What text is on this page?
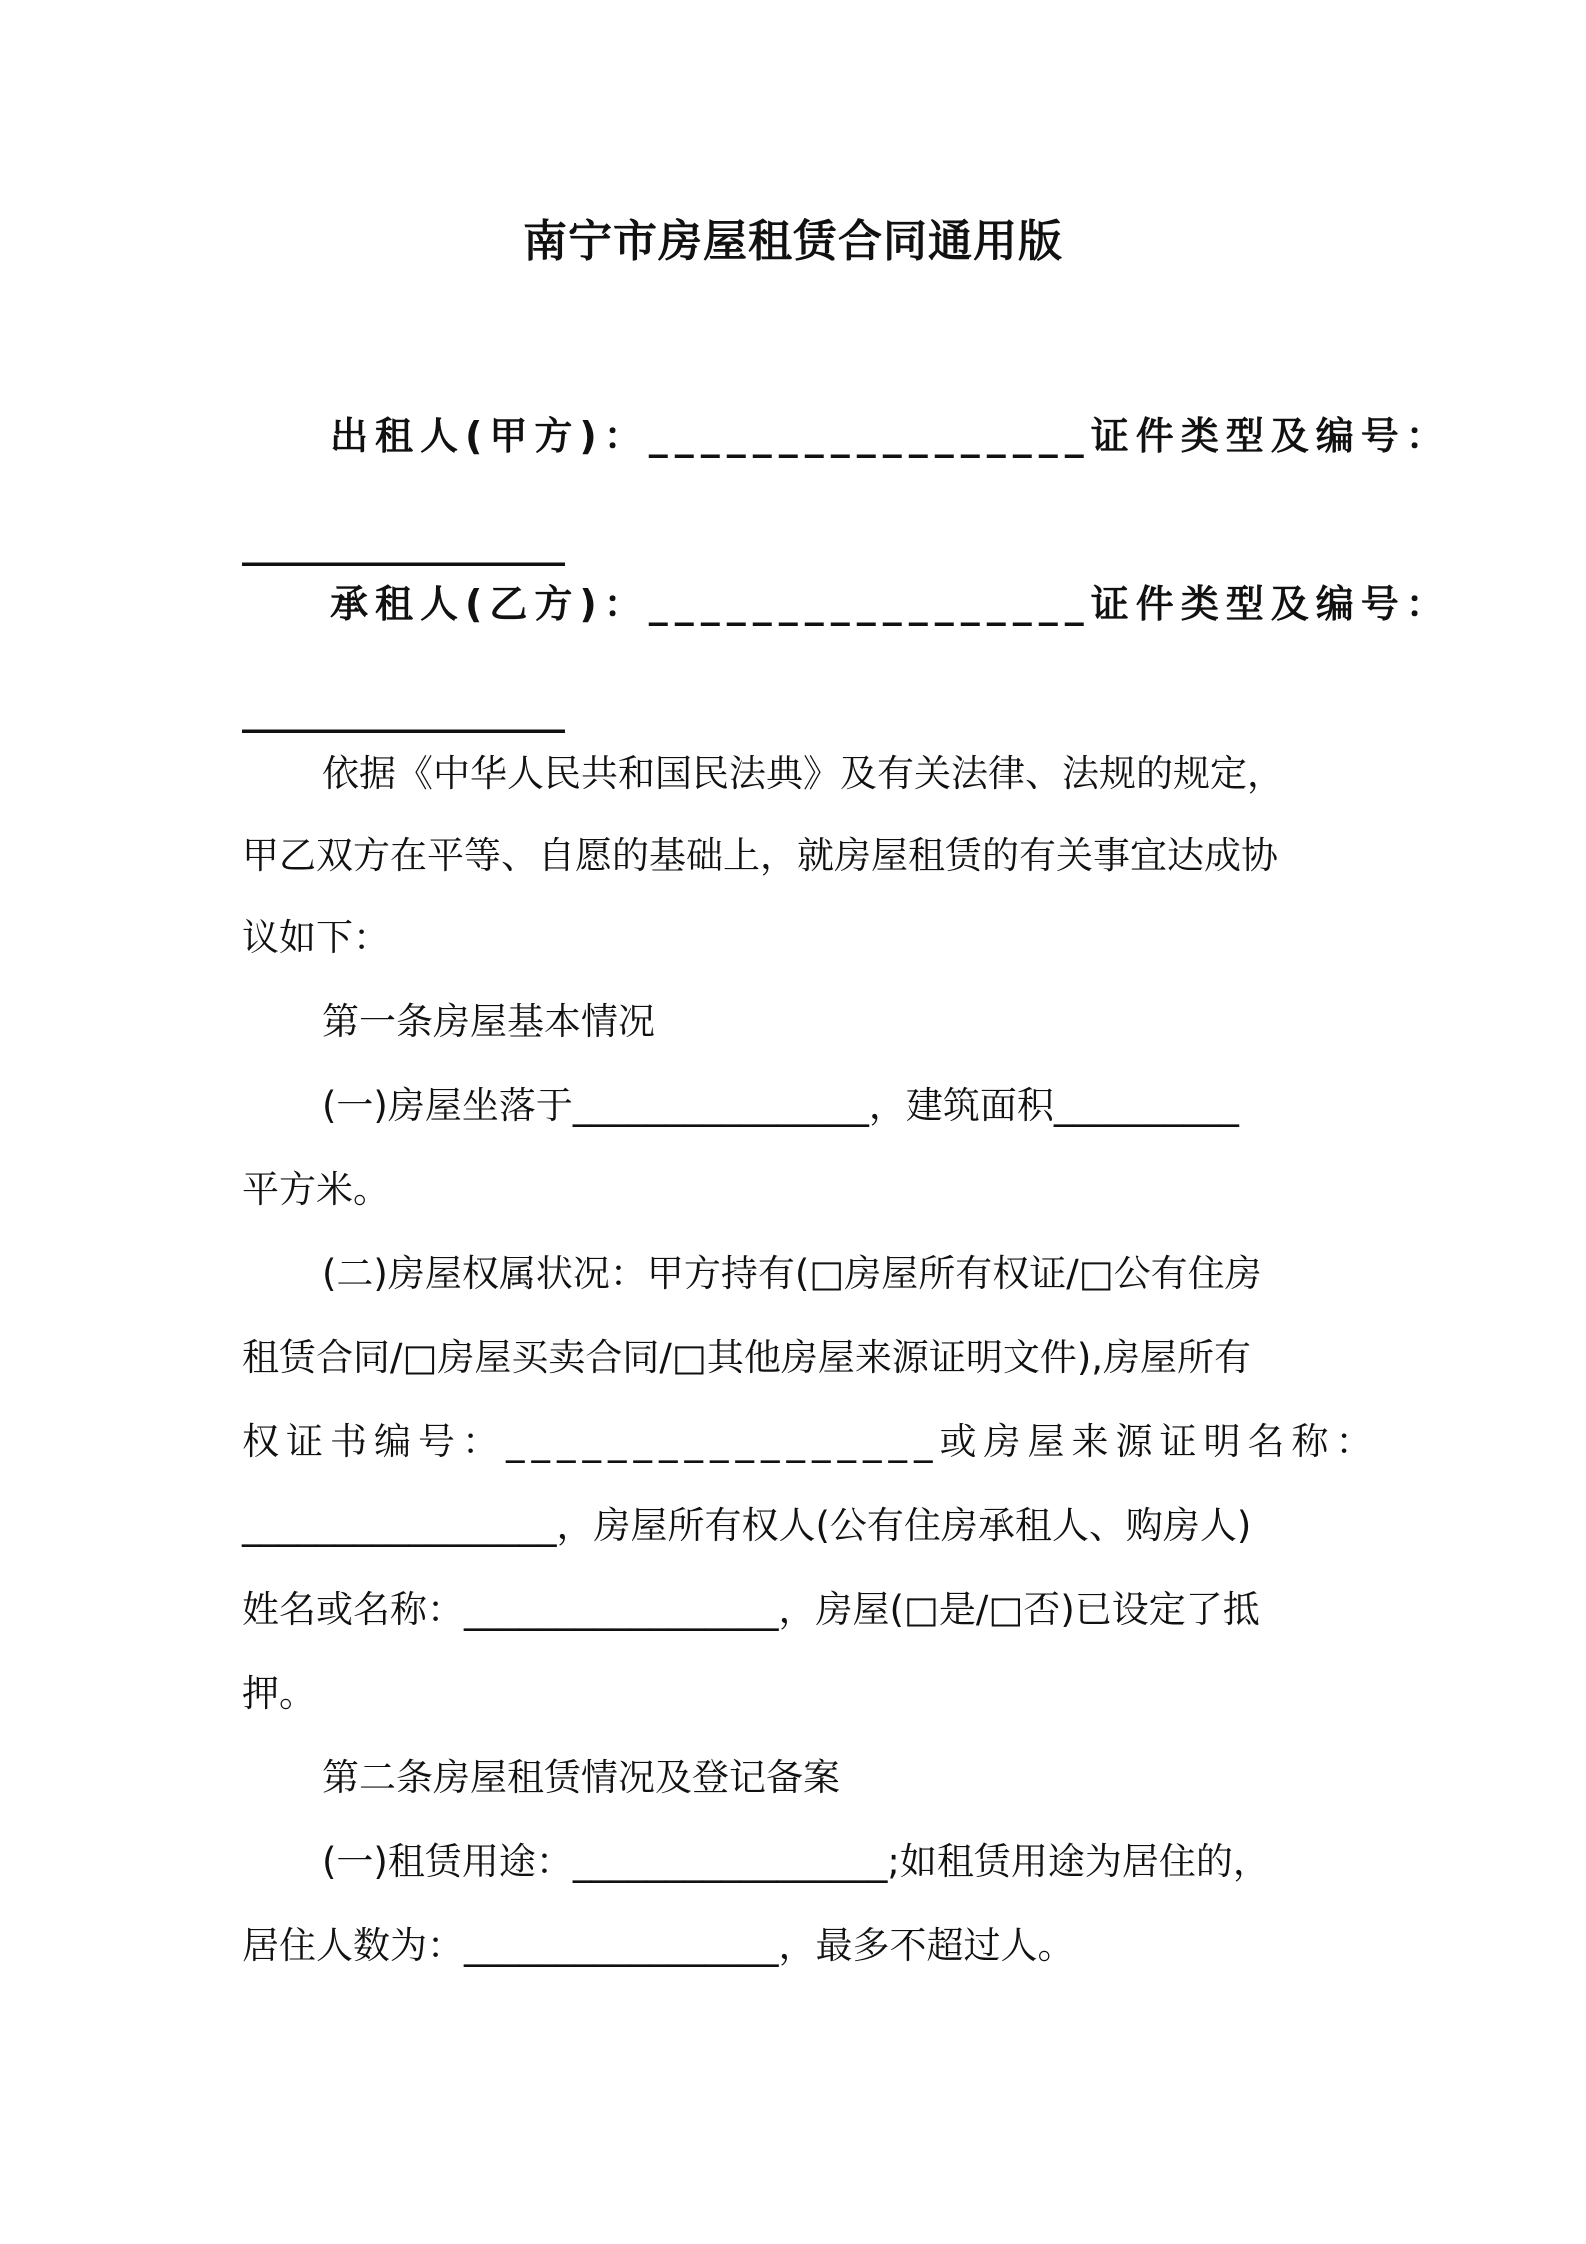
南宁市房屋租赁合同通用版
出租人(甲方)：_________________证件类型及编号：
_________________
承租人(乙方)：_________________证件类型及编号：
_________________
依据《中华人民共和国民法典》及有关法律、法规的规定，
甲乙双方在平等、自愿的基础上，就房屋租赁的有关事宜达成协
议如下：
第一条房屋基本情况
(一)房屋坐落于________________，建筑面积__________
平方米。
(二)房屋权属状况：甲方持有(□房屋所有权证/□公有住房
租赁合同/□房屋买卖合同/□其他房屋来源证明文件),房屋所有
权证书编号：_________________或房屋来源证明名称：
_________________，房屋所有权人(公有住房承租人、购房人)
姓名或名称：_________________，房屋(□是/□否)已设定了抵
押。
第二条房屋租赁情况及登记备案
(一)租赁用途：_________________;如租赁用途为居住的，
居住人数为：_________________，最多不超过人。
